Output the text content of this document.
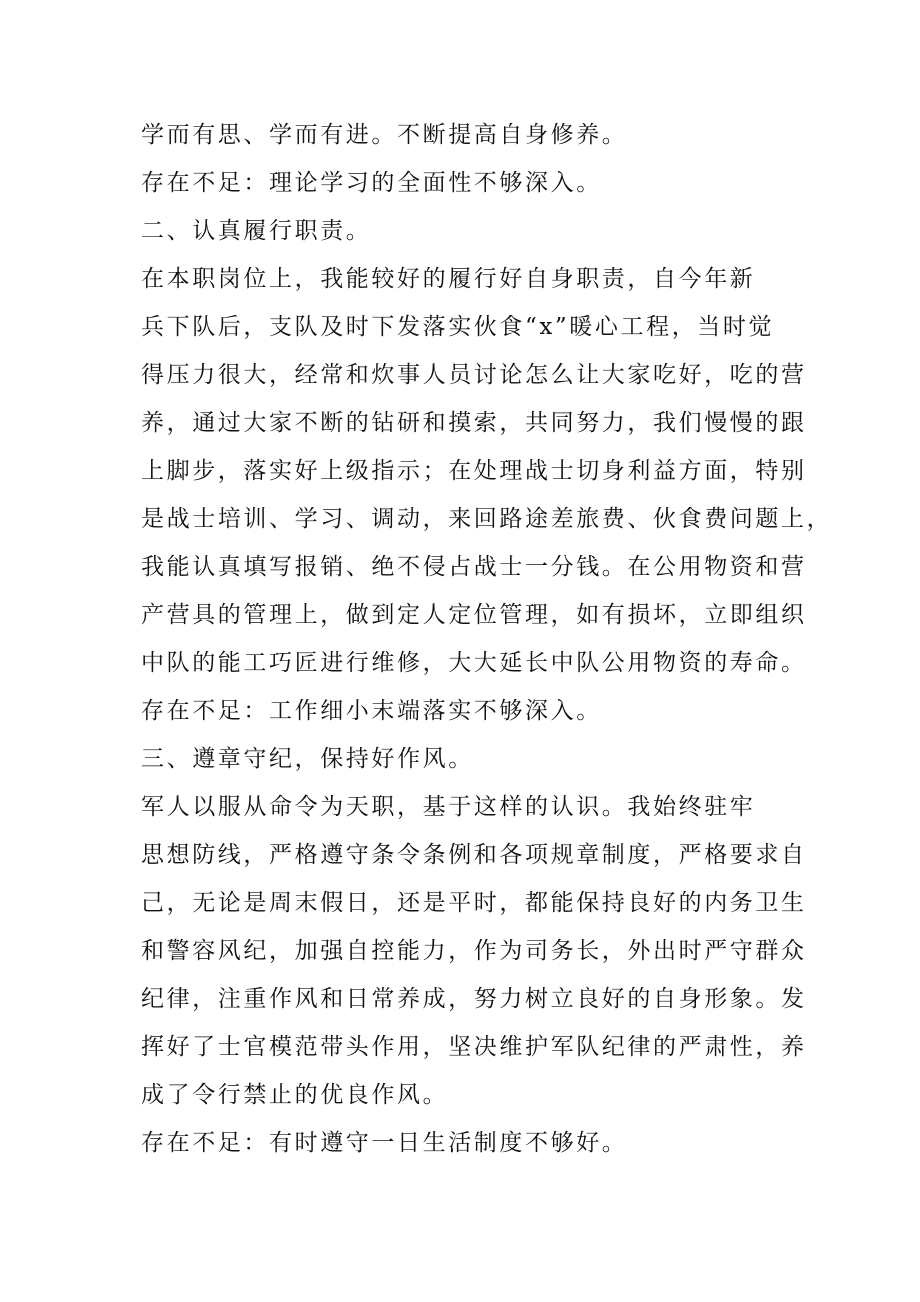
学而有思、学而有进。不断提高自身修养。

存在不足：理论学习的全面性不够深入。

二、认真履行职责。

在本职岗位上，我能较好的履行好自身职责，自今年新

兵下队后，支队及时下发落实伙食“x”暖心工程，当时觉

得压力很大，经常和炊事人员讨论怎么让大家吃好，吃的营

养，通过大家不断的钻研和摸索，共同努力，我们慢慢的跟

上脚步，落实好上级指示；在处理战士切身利益方面，特别

是战士培训、学习、调动，来回路途差旅费、伙食费问题上，

我能认真填写报销、绝不侵占战士一分钱。在公用物资和营

产营具的管理上，做到定人定位管理，如有损坏，立即组织

中队的能工巧匠进行维修，大大延长中队公用物资的寿命。

存在不足：工作细小末端落实不够深入。

三、遵章守纪，保持好作风。

军人以服从命令为天职，基于这样的认识。我始终驻牢

思想防线，严格遵守条令条例和各项规章制度，严格要求自

己，无论是周末假日，还是平时，都能保持良好的内务卫生

和警容风纪，加强自控能力，作为司务长，外出时严守群众

纪律，注重作风和日常养成，努力树立良好的自身形象。发

挥好了士官模范带头作用，坚决维护军队纪律的严肃性，养

成了令行禁止的优良作风。

存在不足：有时遵守一日生活制度不够好。
